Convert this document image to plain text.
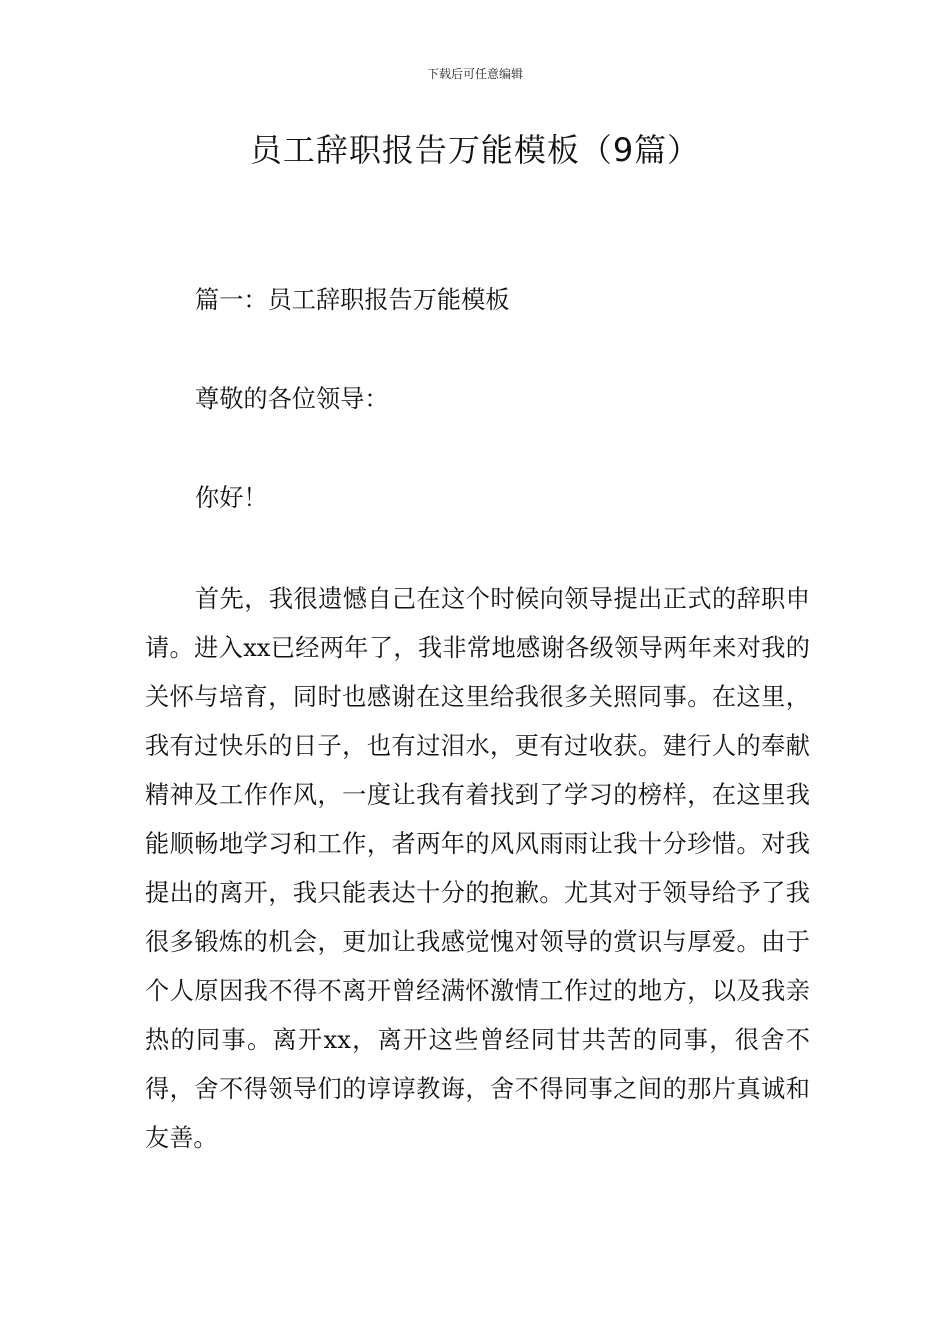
下载后可任意编辑
员工辞职报告万能模板（9篇）

篇一：员工辞职报告万能模板

尊敬的各位领导：

你好！

首先，我很遗憾自己在这个时候向领导提出正式的辞职申请。进入xx已经两年了，我非常地感谢各级领导两年来对我的关怀与培育，同时也感谢在这里给我很多关照同事。在这里，我有过快乐的日子，也有过泪水，更有过收获。建行人的奉献精神及工作作风，一度让我有着找到了学习的榜样，在这里我能顺畅地学习和工作，者两年的风风雨雨让我十分珍惜。对我提出的离开，我只能表达十分的抱歉。尤其对于领导给予了我很多锻炼的机会，更加让我感觉愧对领导的赏识与厚爱。由于个人原因我不得不离开曾经满怀激情工作过的地方，以及我亲热的同事。离开xx，离开这些曾经同甘共苦的同事，很舍不得，舍不得领导们的谆谆教诲，舍不得同事之间的那片真诚和友善。
